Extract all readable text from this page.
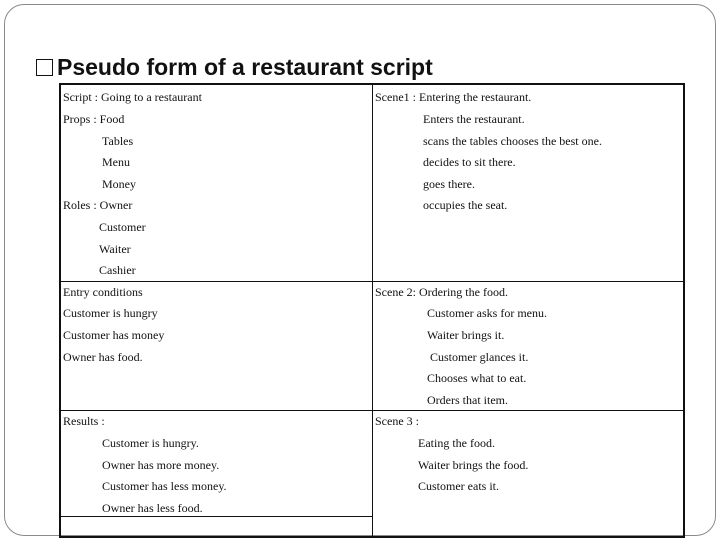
Pseudo form of a restaurant script
Script : Going to a restaurant
Props : Food
Tables
Menu
Money
Roles : Owner
Customer
Waiter
Cashier
Entry conditions
Customer is hungry
Customer has money
Owner has food.
Results :
Customer is hungry.
Owner has more money.
Customer has less money.
Owner has less food.
Scene1 : Entering the restaurant.
Enters the restaurant.
scans the tables chooses the best one.
decides to sit there.
goes there.
occupies the seat.
Scene 2: Ordering the food.
Customer asks for menu.
Waiter brings it.
Customer glances it.
Chooses what to eat.
Orders that item.
Scene 3 :
Eating the food.
Waiter brings the food.
Customer eats it.
